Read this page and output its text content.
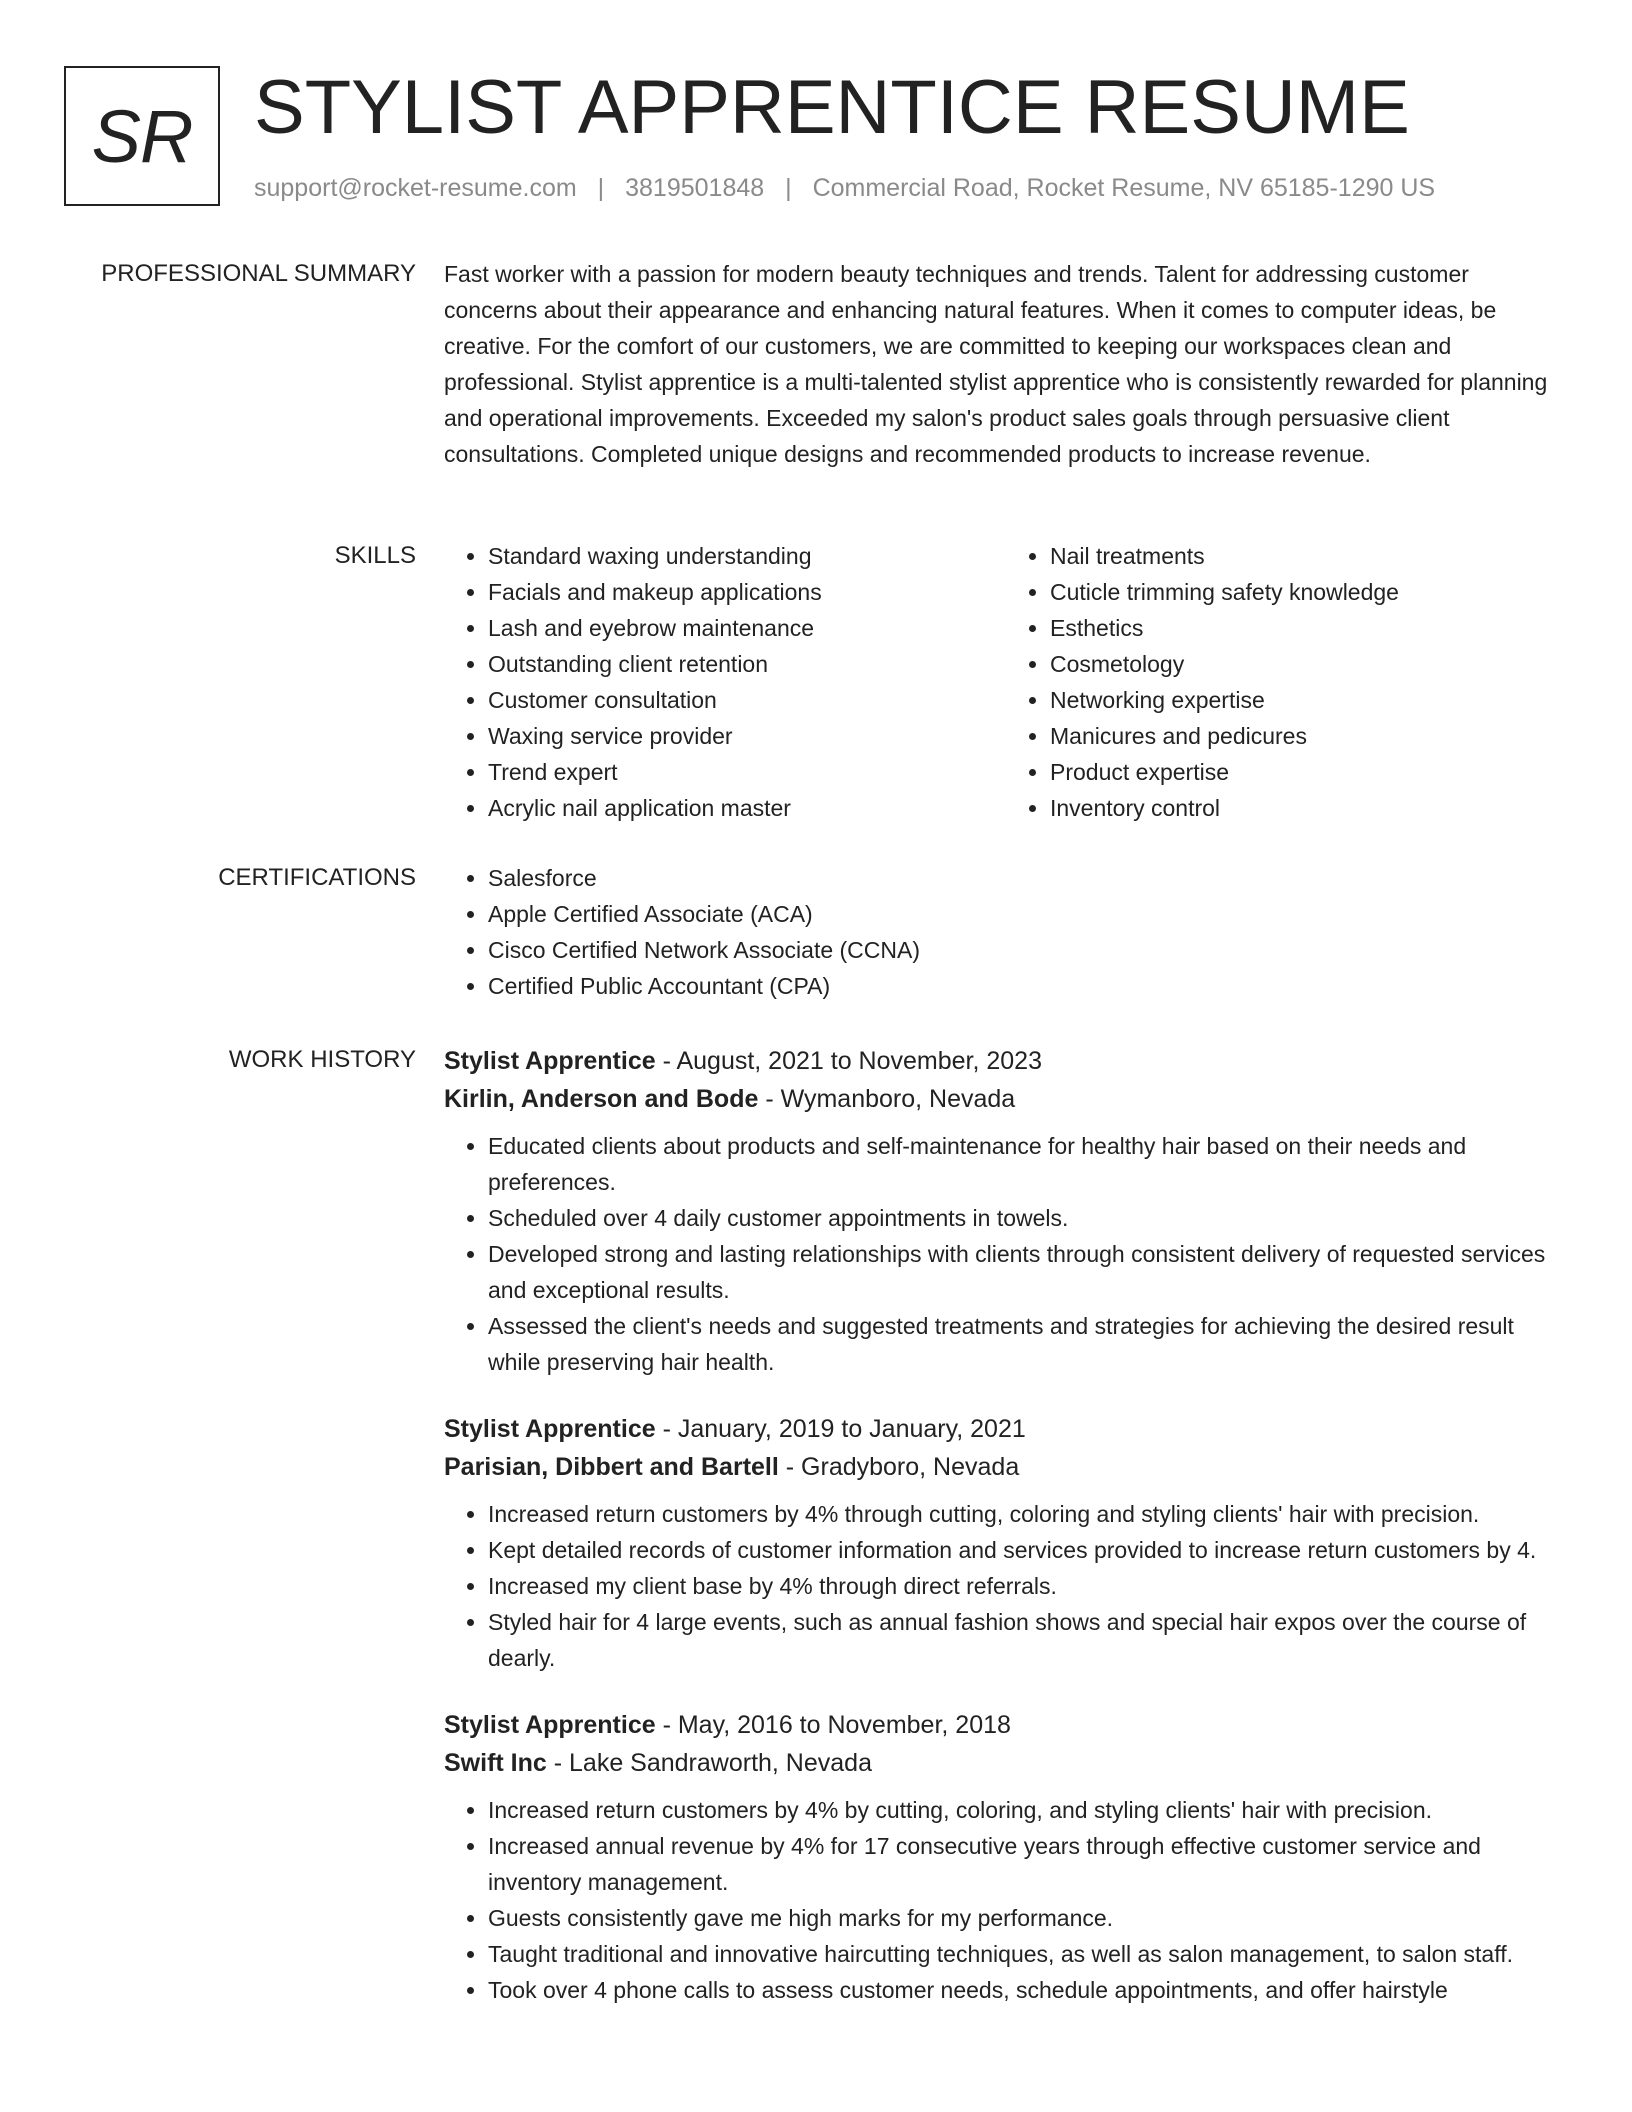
SR STYLIST APPRENTICE RESUME
support@rocket-resume.com | 3819501848 | Commercial Road, Rocket Resume, NV 65185-1290 US
PROFESSIONAL SUMMARY Fast worker with a passion for modern beauty techniques and trends. Talent for addressing customer concerns about their appearance and enhancing natural features. When it comes to computer ideas, be creative. For the comfort of our customers, we are committed to keeping our workspaces clean and professional. Stylist apprentice is a multi-talented stylist apprentice who is consistently rewarded for planning and operational improvements. Exceeded my salon's product sales goals through persuasive client consultations. Completed unique designs and recommended products to increase revenue.

SKILLS	• Standard waxing understanding
• Facials and makeup applications
• Lash and eyebrow maintenance
• Outstanding client retention
• Customer consultation
• Waxing service provider
• Trend expert
• Acrylic nail application master
• Nail treatments
• Cuticle trimming safety knowledge
• Esthetics
• Cosmetology
• Networking expertise
• Manicures and pedicures
• Product expertise
• Inventory control
CERTIFICATIONS	• Salesforce
• Apple Certified Associate (ACA)
• Cisco Certified Network Associate (CCNA)
• Certified Public Accountant (CPA)
WORK HISTORY Stylist Apprentice - August, 2021 to November, 2023
Kirlin, Anderson and Bode - Wymanboro, Nevada
• Educated clients about products and self-maintenance for healthy hair based on their needs and preferences.
• Scheduled over 4 daily customer appointments in towels.
• Developed strong and lasting relationships with clients through consistent delivery of requested services and exceptional results.
• Assessed the client's needs and suggested treatments and strategies for achieving the desired result while preserving hair health.
Stylist Apprentice - January, 2019 to January, 2021
Parisian, Dibbert and Bartell - Gradyboro, Nevada
• Increased return customers by 4% through cutting, coloring and styling clients' hair with precision.
• Kept detailed records of customer information and services provided to increase return customers by 4.
• Increased my client base by 4% through direct referrals.
• Styled hair for 4 large events, such as annual fashion shows and special hair expos over the course of dearly.
Stylist Apprentice - May, 2016 to November, 2018
Swift Inc - Lake Sandraworth, Nevada
• Increased return customers by 4% by cutting, coloring, and styling clients' hair with precision.
• Increased annual revenue by 4% for 17 consecutive years through effective customer service and inventory management.
• Guests consistently gave me high marks for my performance.
• Taught traditional and innovative haircutting techniques, as well as salon management, to salon staff.
• Took over 4 phone calls to assess customer needs, schedule appointments, and offer hairstyle
